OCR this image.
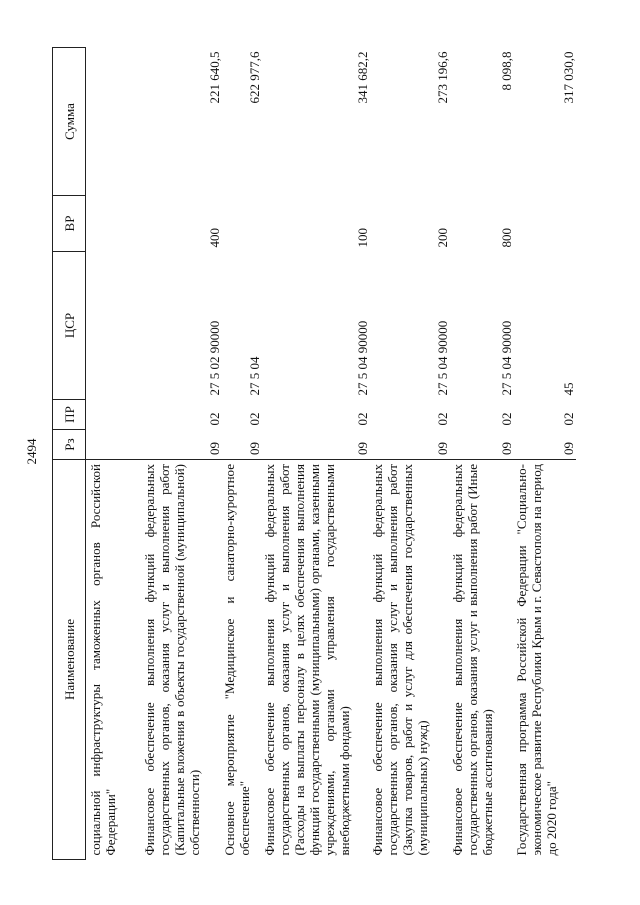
2494
Наименование	Рз	ПР	ЦСР	ВР	Сумма
социальной инфраструктуры таможенных органов Российской Федерации"					
Финансовое обеспечение выполнения функций федеральных государственных органов, оказания услуг и выполнения работ (Капитальные вложения в объекты государственной (муниципальной) собственности)	09	02	27 5 02 90000	400	221 640,5
Основное мероприятие "Медицинское и санаторно-курортное обеспечение"	09	02	27 5 04		622 977,6
Финансовое обеспечение выполнения функций федеральных государственных органов, оказания услуг и выполнения работ (Расходы на выплаты персоналу в целях обеспечения выполнения функций государственными (муниципальными) органами, казенными учреждениями, органами управления государственными внебюджетными фондами)	09	02	27 5 04 90000	100	341 682,2
Финансовое обеспечение выполнения функций федеральных государственных органов, оказания услуг и выполнения работ (Закупка товаров, работ и услуг для обеспечения государственных (муниципальных) нужд)	09	02	27 5 04 90000	200	273 196,6
Финансовое обеспечение выполнения функций федеральных государственных органов, оказания услуг и выполнения работ (Иные бюджетные ассигнования)	09	02	27 5 04 90000	800	8 098,8
Государственная программа Российской Федерации "Социально-экономическое развитие Республики Крым и г. Севастополя на период до 2020 года"	09	02	45		317 030,0
